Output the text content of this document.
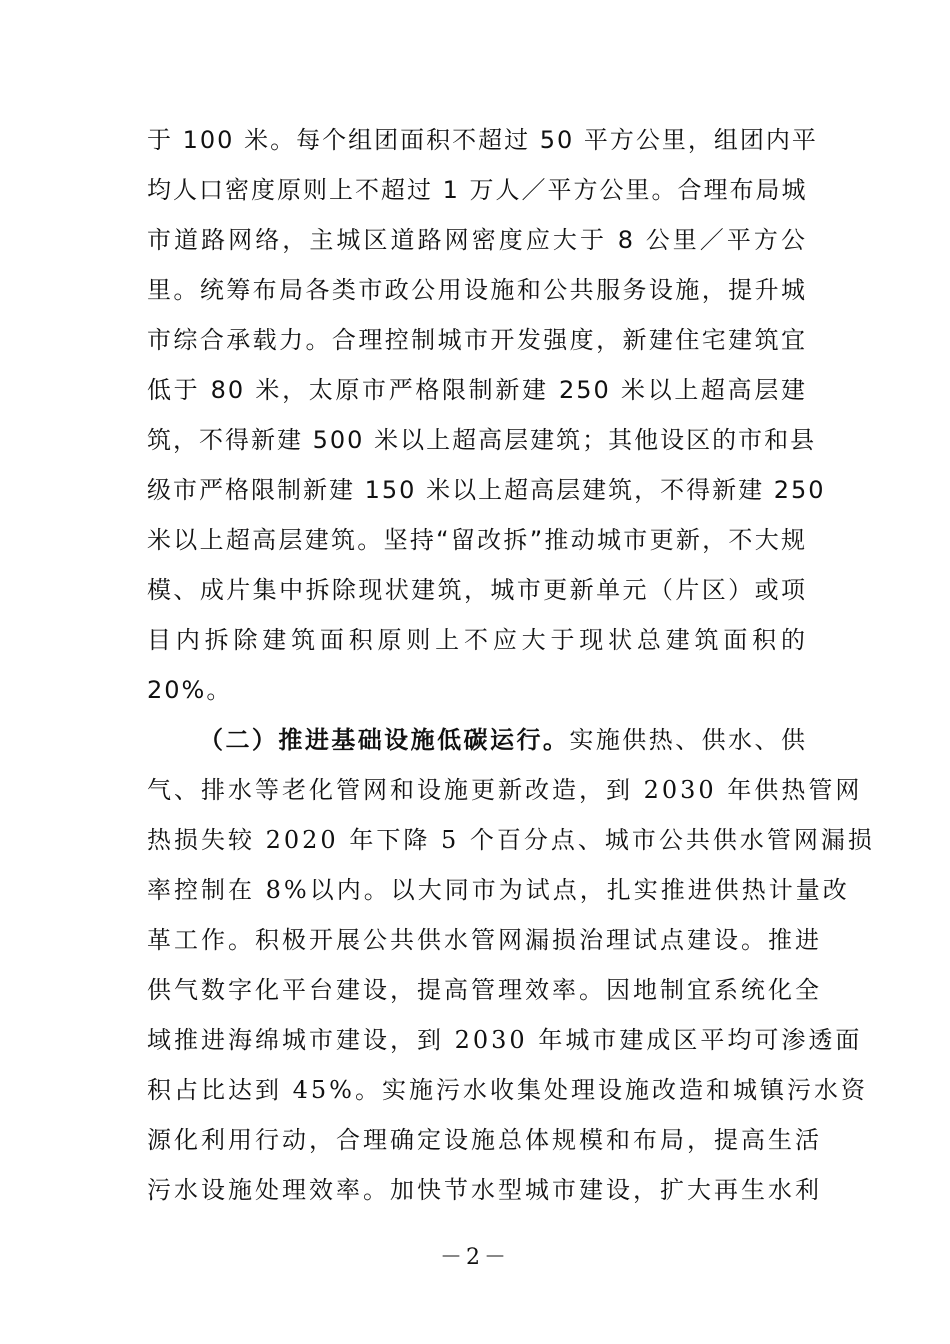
于 100 米。每个组团面积不超过 50 平方公里，组团内平
均人口密度原则上不超过 1 万人／平方公里。合理布局城
市道路网络，主城区道路网密度应大于 8 公里／平方公
里。统筹布局各类市政公用设施和公共服务设施，提升城
市综合承载力。合理控制城市开发强度，新建住宅建筑宜
低于 80 米，太原市严格限制新建 250 米以上超高层建
筑，不得新建 500 米以上超高层建筑；其他设区的市和县
级市严格限制新建 150 米以上超高层建筑，不得新建 250
米以上超高层建筑。坚持“留改拆”推动城市更新，不大规
模、成片集中拆除现状建筑，城市更新单元（片区）或项
目内拆除建筑面积原则上不应大于现状总建筑面积的
20%。
（二）推进基础设施低碳运行。实施供热、供水、供
气、排水等老化管网和设施更新改造，到 2030 年供热管网
热损失较 2020 年下降 5 个百分点、城市公共供水管网漏损
率控制在 8%以内。以大同市为试点，扎实推进供热计量改
革工作。积极开展公共供水管网漏损治理试点建设。推进
供气数字化平台建设，提高管理效率。因地制宜系统化全
域推进海绵城市建设，到 2030 年城市建成区平均可渗透面
积占比达到 45%。实施污水收集处理设施改造和城镇污水资
源化利用行动，合理确定设施总体规模和布局，提高生活
污水设施处理效率。加快节水型城市建设，扩大再生水利
－2－
